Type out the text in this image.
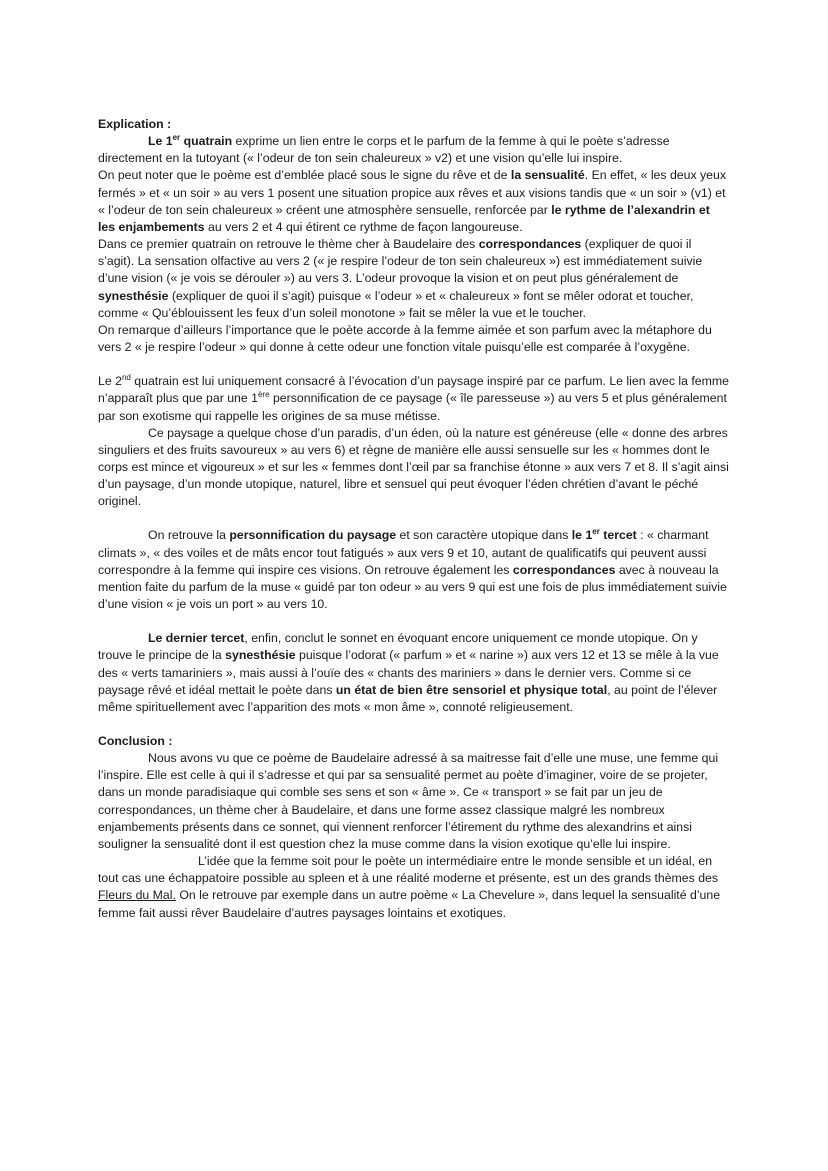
Explication :

Le 1er quatrain exprime un lien entre le corps et le parfum de la femme à qui le poète s’adresse directement en la tutoyant (« l’odeur de ton sein chaleureux » v2) et une vision qu’elle lui inspire.

On peut noter que le poème est d’emblée placé sous le signe du rêve et de la sensualité. En effet, « les deux yeux fermés » et « un soir » au vers 1 posent une situation propice aux rêves et aux visions tandis que « un soir » (v1) et « l’odeur de ton sein chaleureux » créent une atmosphère sensuelle, renforcée par le rythme de l’alexandrin et les enjambements au vers 2 et 4 qui étirent ce rythme de façon langoureuse.

Dans ce premier quatrain on retrouve le thème cher à Baudelaire des correspondances (expliquer de quoi il s’agit). La sensation olfactive au vers 2 (« je respire l’odeur de ton sein chaleureux ») est immédiatement suivie d’une vision (« je vois se dérouler ») au vers 3. L’odeur provoque la vision et on peut plus généralement de synesthésie (expliquer de quoi il s’agit) puisque « l’odeur » et « chaleureux » font se mêler odorat et toucher, comme « Qu’éblouissent les feux d’un soleil monotone » fait se mêler la vue et le toucher.

On remarque d’ailleurs l’importance que le poète accorde à la femme aimée et son parfum avec la métaphore du vers 2 « je respire l’odeur » qui donne à cette odeur une fonction vitale puisqu’elle est comparée à l’oxygène.

Le 2nd quatrain est lui uniquement consacré à l’évocation d’un paysage inspiré par ce parfum. Le lien avec la femme n’apparaît plus que par une 1ère personnification de ce paysage (« île paresseuse ») au vers 5 et plus généralement par son exotisme qui rappelle les origines de sa muse métisse.

Ce paysage a quelque chose d’un paradis, d’un éden, où la nature est généreuse (elle « donne des arbres singuliers et des fruits savoureux » au vers 6) et règne de manière elle aussi sensuelle sur les « hommes dont le corps est mince et vigoureux » et sur les « femmes dont l’œil par sa franchise étonne » aux vers 7 et 8. Il s’agit ainsi d’un paysage, d’un monde utopique, naturel, libre et sensuel qui peut évoquer l’éden chrétien d’avant le péché originel.

On retrouve la personnification du paysage et son caractère utopique dans le 1er tercet : « charmant climats », « des voiles et de mâts encor tout fatigués » aux vers 9 et 10, autant de qualificatifs qui peuvent aussi correspondre à la femme qui inspire ces visions. On retrouve également les correspondances avec à nouveau la mention faite du parfum de la muse « guidé par ton odeur » au vers 9 qui est une fois de plus immédiatement suivie d’une vision « je vois un port » au vers 10.

Le dernier tercet, enfin, conclut le sonnet en évoquant encore uniquement ce monde utopique. On y trouve le principe de la synesthésie puisque l’odorat (« parfum » et « narine ») aux vers 12 et 13 se mêle à la vue des « verts tamariniers », mais aussi à l’ouïe des « chants des mariniers » dans le dernier vers. Comme si ce paysage rêvé et idéal mettait le poète dans un état de bien être sensoriel et physique total, au point de l’élever même spirituellement avec l’apparition des mots « mon âme », connoté religieusement.

Conclusion :

Nous avons vu que ce poème de Baudelaire adressé à sa maitresse fait d’elle une muse, une femme qui l’inspire. Elle est celle à qui il s’adresse et qui par sa sensualité permet au poète d’imaginer, voire de se projeter, dans un monde paradisiaque qui comble ses sens et son « âme ». Ce « transport » se fait par un jeu de correspondances, un thème cher à Baudelaire, et dans une forme assez classique malgré les nombreux enjambements présents dans ce sonnet, qui viennent renforcer l’étirement du rythme des alexandrins et ainsi souligner la sensualité dont il est question chez la muse comme dans la vision exotique qu’elle lui inspire.

L’idée que la femme soit pour le poète un intermédiaire entre le monde sensible et un idéal, en tout cas une échappatoire possible au spleen et à une réalité moderne et présente, est un des grands thèmes des Fleurs du Mal. On le retrouve par exemple dans un autre poème « La Chevelure », dans lequel la sensualité d’une femme fait aussi rêver Baudelaire d’autres paysages lointains et exotiques.
